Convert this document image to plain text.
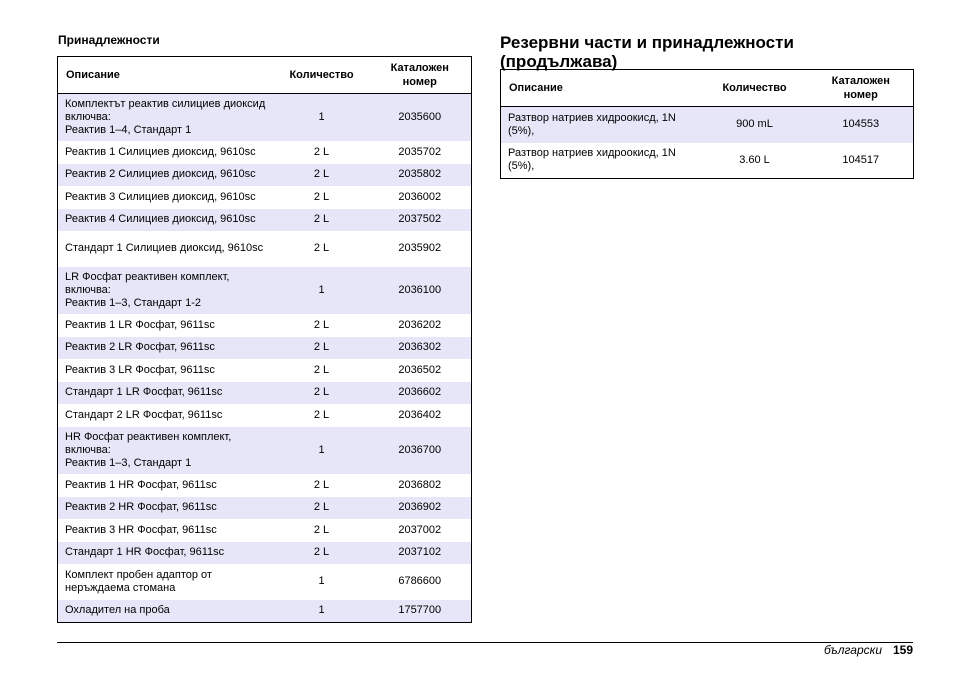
Принадлежности
Описание	Количество	Каталожен номер
Комплектът реактив силициев диоксид включва:
Реактив 1–4, Стандарт 1	1	2035600
Реактив 1 Силициев диоксид, 9610sc	2 L	2035702
Реактив 2 Силициев диоксид, 9610sc	2 L	2035802
Реактив 3 Силициев диоксид, 9610sc	2 L	2036002
Реактив 4 Силициев диоксид, 9610sc	2 L	2037502
Стандарт 1 Силициев диоксид, 9610sc	2 L	2035902
LR Фосфат реактивен комплект, включва:
Реактив 1–3, Стандарт 1-2	1	2036100
Реактив 1 LR Фосфат, 9611sc	2 L	2036202
Реактив 2 LR Фосфат, 9611sc	2 L	2036302
Реактив 3 LR Фосфат, 9611sc	2 L	2036502
Стандарт 1 LR Фосфат, 9611sc	2 L	2036602
Стандарт 2 LR Фосфат, 9611sc	2 L	2036402
HR Фосфат реактивен комплект, включва:
Реактив 1–3, Стандарт 1	1	2036700
Реактив 1 HR Фосфат, 9611sc	2 L	2036802
Реактив 2 HR Фосфат, 9611sc	2 L	2036902
Реактив 3 HR Фосфат, 9611sc	2 L	2037002
Стандарт 1 HR Фосфат, 9611sc	2 L	2037102
Комплект пробен адаптор от неръждаема стомана	1	6786600
Охладител на проба	1	1757700
Резервни части и принадлежности (продължава)
Описание	Количество	Каталожен номер
Разтвор натриев хидроокисд, 1N (5%),	900 mL	104553
Разтвор натриев хидроокисд, 1N (5%),	3.60 L	104517
български 159
